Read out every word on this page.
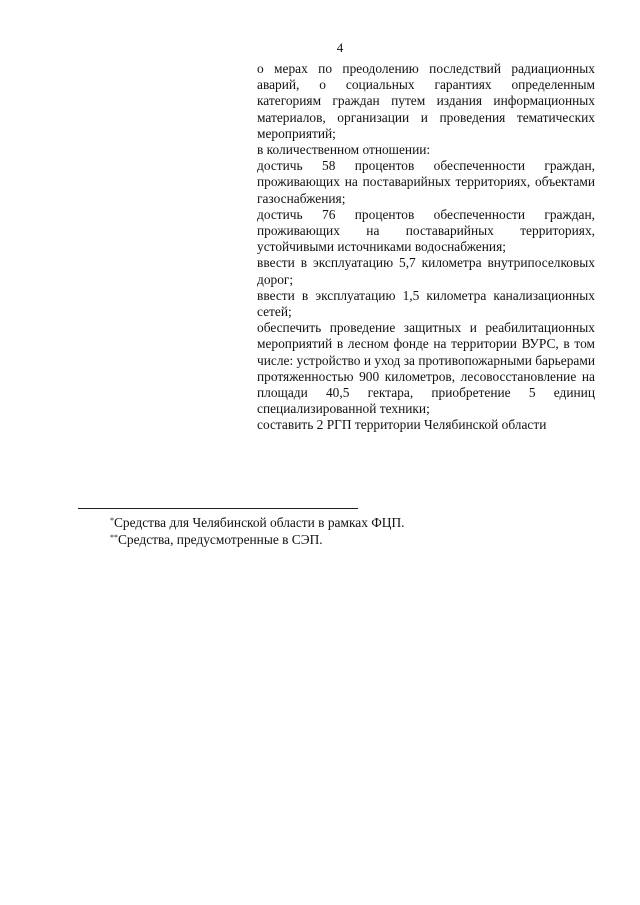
4

о мерах по преодолению последствий радиационных аварий, о социальных гарантиях определенным категориям граждан путем издания информационных материалов, организации и проведения тематических мероприятий;

в количественном отношении:

достичь 58 процентов обеспеченности граждан, проживающих на поставарийных территориях, объектами газоснабжения;

достичь 76 процентов обеспеченности граждан, проживающих на поставарийных территориях, устойчивыми источниками водоснабжения;

ввести в эксплуатацию 5,7 километра внутрипоселковых дорог;

ввести в эксплуатацию 1,5 километра канализационных сетей;

обеспечить проведение защитных и реабилитационных мероприятий в лесном фонде на территории ВУРС, в том числе: устройство и уход за противопожарными барьерами протяженностью 900 километров, лесовосстановление на площади 40,5 гектара, приобретение 5 единиц специализированной техники;

составить 2 РГП территории Челябинской области

*Средства для Челябинской области в рамках ФЦП.
**Средства, предусмотренные в СЭП.
